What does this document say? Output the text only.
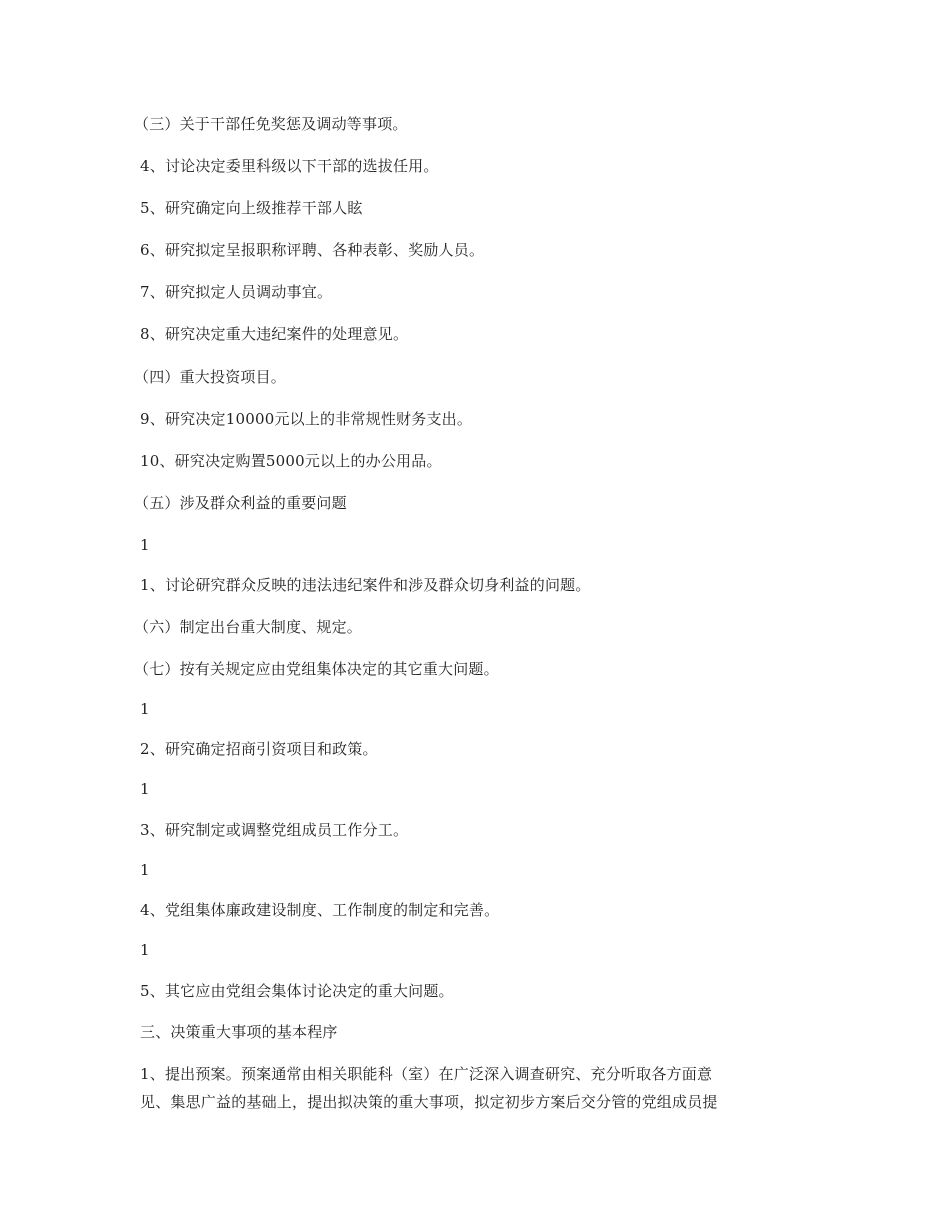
（三）关于干部任免奖惩及调动等事项。
4、讨论决定委里科级以下干部的选拔任用。
5、研究确定向上级推荐干部人眩
6、研究拟定呈报职称评聘、各种表彰、奖励人员。
7、研究拟定人员调动事宜。
8、研究决定重大违纪案件的处理意见。
（四）重大投资项目。
9、研究决定10000元以上的非常规性财务支出。
10、研究决定购置5000元以上的办公用品。
（五）涉及群众利益的重要问题
1
1、讨论研究群众反映的违法违纪案件和涉及群众切身利益的问题。
（六）制定出台重大制度、规定。
（七）按有关规定应由党组集体决定的其它重大问题。
1
2、研究确定招商引资项目和政策。
1
3、研究制定或调整党组成员工作分工。
1
4、党组集体廉政建设制度、工作制度的制定和完善。
1
5、其它应由党组会集体讨论决定的重大问题。
三、决策重大事项的基本程序
1、提出预案。预案通常由相关职能科（室）在广泛深入调查研究、充分听取各方面意
见、集思广益的基础上，提出拟决策的重大事项，拟定初步方案后交分管的党组成员提
